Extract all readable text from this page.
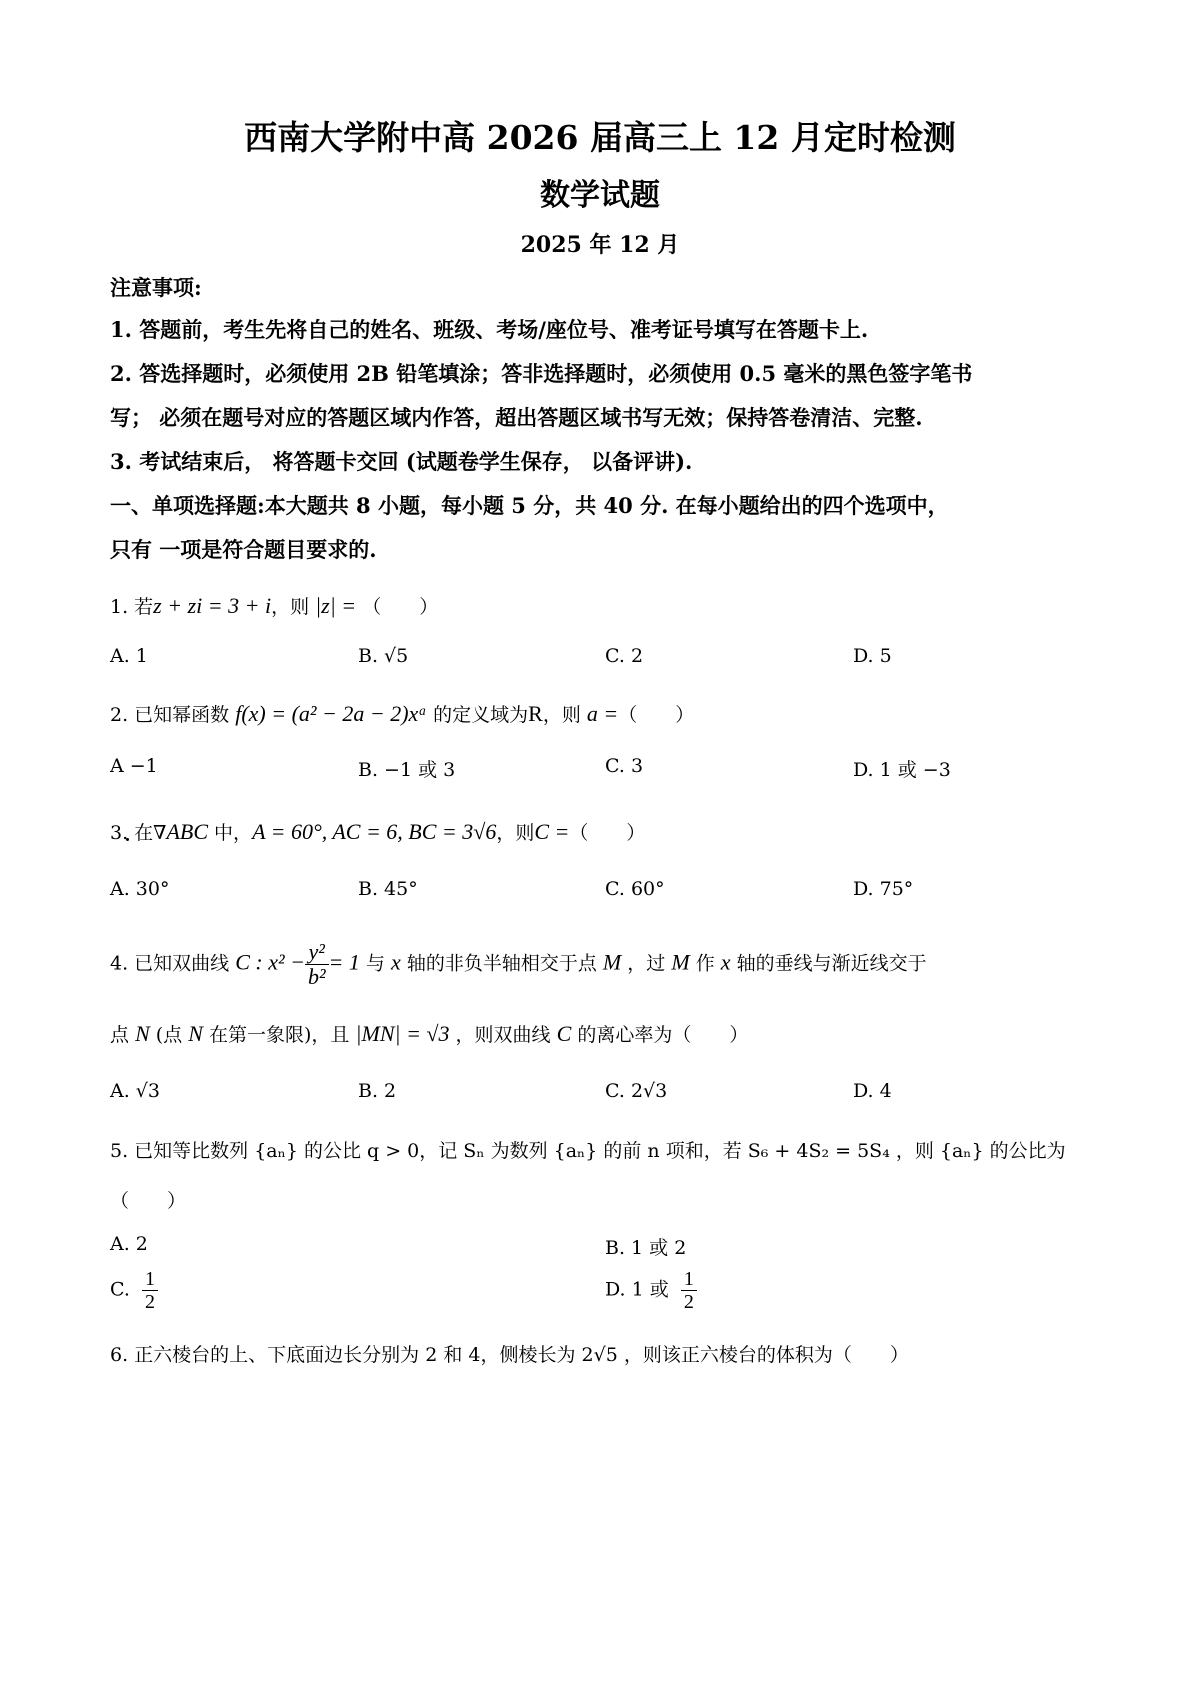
西南大学附中高 2026 届高三上 12 月定时检测
数学试题
2025 年 12 月
注意事项:
1. 答题前，考生先将自己的姓名、班级、考场/座位号、准考证号填写在答题卡上.
2. 答选择题时，必须使用 2B 铅笔填涂；答非选择题时，必须使用 0.5 毫米的黑色签字笔书
写； 必须在题号对应的答题区域内作答，超出答题区域书写无效；保持答卷清洁、完整.
3. 考试结束后， 将答题卡交回 (试题卷学生保存， 以备评讲).
一、单项选择题:本大题共 8 小题，每小题 5 分，共 40 分. 在每小题给出的四个选项中，
只有 一项是符合题目要求的.
1. 若z + zi = 3 + i，则 |z| = （　　）
A. 1	B. √5	C. 2	D. 5
2. 已知幂函数 f(x) = (a² − 2a − 2)xᵃ 的定义域为R，则 a =（　　）
A −1	B. −1 或 3	C. 3	D. 1 或 −3
3. 在∇ABC 中，A = 60°, AC = 6, BC = 3√6，则C =（　　）
A. 30°	B. 45°	C. 60°	D. 75°
4. 已知双曲线 C : $x^2 - \frac{\text{y²}}{\text{b²}} = 1$ 与 x 轴的非负半轴相交于点 M ，过 M 作 x 轴的垂线与渐近线交于
点 N (点 N 在第一象限)，且 |MN| = √3 ，则双曲线 C 的离心率为（　　）
A. √3	B. 2	C. 2√3	D. 4
5. 已知等比数列 {aₙ} 的公比 q > 0，记 Sₙ 为数列 {aₙ} 的前 n 项和，若 S₆ + 4S₂ = 5S₄ ，则 {aₙ} 的公比为
（　　）
A. 2	B. 1 或 2
C. $\frac{1}{2}$	D. 1 或 $\frac{1}{2}$
6. 正六棱台的上、下底面边长分别为 2 和 4，侧棱长为 2√5 ，则该正六棱台的体积为（　　）
